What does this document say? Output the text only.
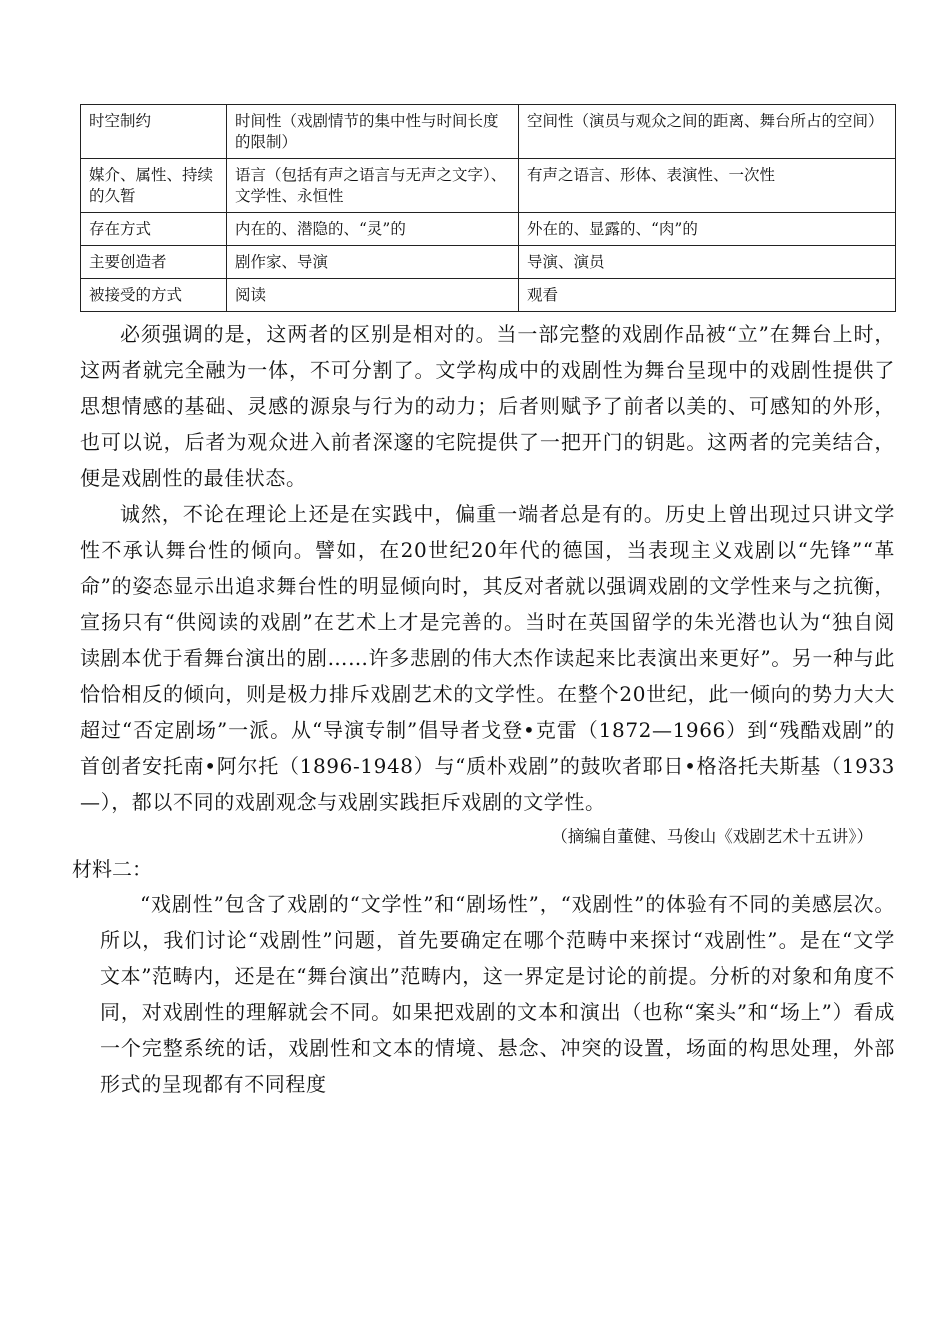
时空制约	时间性（戏剧情节的集中性与时间长度的限制）	空间性（演员与观众之间的距离、舞台所占的空间）
媒介、属性、持续的久暂	语言（包括有声之语言与无声之文字）、文学性、永恒性	有声之语言、形体、表演性、一次性
存在方式	内在的、潜隐的、“灵”的	外在的、显露的、“肉”的
主要创造者	剧作家、导演	导演、演员
被接受的方式	阅读	观看

必须强调的是，这两者的区别是相对的。当一部完整的戏剧作品被“立”在舞台上时，这两者就完全融为一体，不可分割了。文学构成中的戏剧性为舞台呈现中的戏剧性提供了思想情感的基础、灵感的源泉与行为的动力；后者则赋予了前者以美的、可感知的外形，也可以说，后者为观众进入前者深邃的宅院提供了一把开门的钥匙。这两者的完美结合，便是戏剧性的最佳状态。

诚然，不论在理论上还是在实践中，偏重一端者总是有的。历史上曾出现过只讲文学性不承认舞台性的倾向。譬如，在20世纪20年代的德国，当表现主义戏剧以“先锋”“革命”的姿态显示出追求舞台性的明显倾向时，其反对者就以强调戏剧的文学性来与之抗衡，宣扬只有“供阅读的戏剧”在艺术上才是完善的。当时在英国留学的朱光潜也认为“独自阅读剧本优于看舞台演出的剧……许多悲剧的伟大杰作读起来比表演出来更好”。另一种与此恰恰相反的倾向，则是极力排斥戏剧艺术的文学性。在整个20世纪，此一倾向的势力大大超过“否定剧场”一派。从“导演专制”倡导者戈登•克雷（1872—1966）到“残酷戏剧”的首创者安托南•阿尔托（1896-1948）与“质朴戏剧”的鼓吹者耶日•格洛托夫斯基（1933—），都以不同的戏剧观念与戏剧实践拒斥戏剧的文学性。

（摘编自董健、马俊山《戏剧艺术十五讲》）

材料二：

“戏剧性”包含了戏剧的“文学性”和“剧场性”，“戏剧性”的体验有不同的美感层次。所以，我们讨论“戏剧性”问题，首先要确定在哪个范畴中来探讨“戏剧性”。是在“文学文本”范畴内，还是在“舞台演出”范畴内，这一界定是讨论的前提。分析的对象和角度不同，对戏剧性的理解就会不同。如果把戏剧的文本和演出（也称“案头”和“场上”）看成一个完整系统的话，戏剧性和文本的情境、悬念、冲突的设置，场面的构思处理，外部形式的呈现都有不同程度
